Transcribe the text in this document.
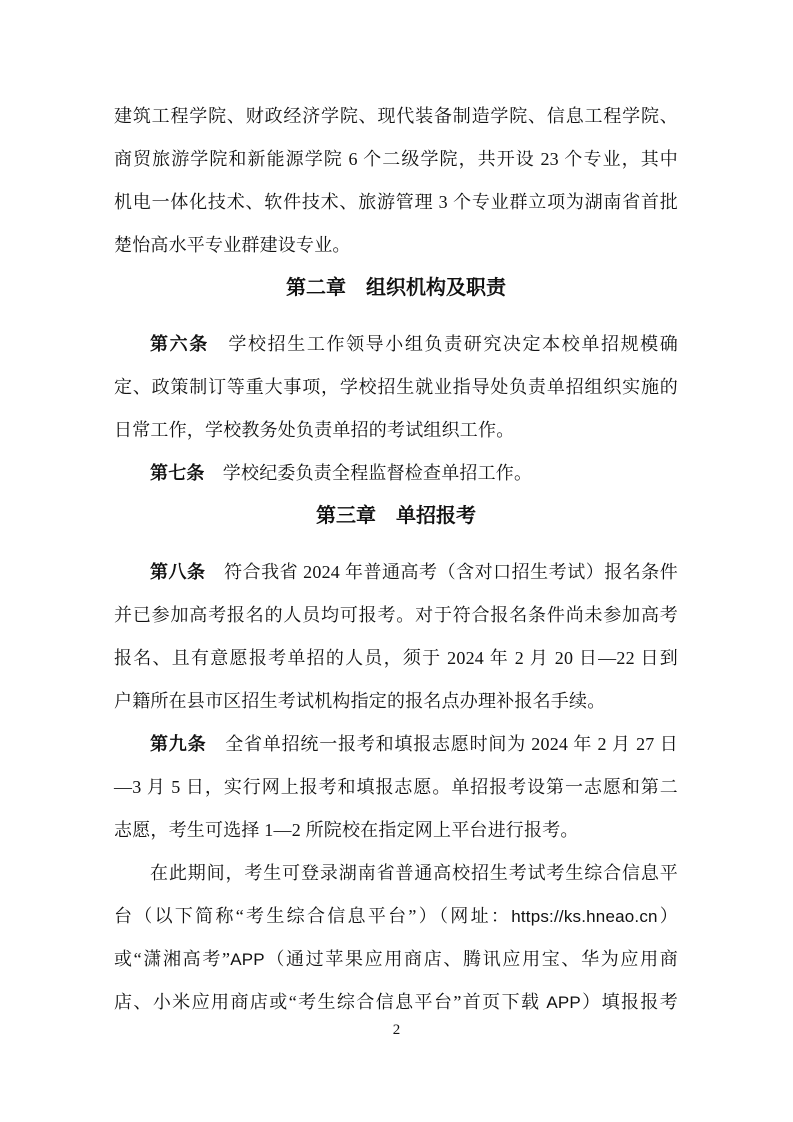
建筑工程学院、财政经济学院、现代装备制造学院、信息工程学院、
商贸旅游学院和新能源学院 6 个二级学院，共开设 23 个专业，其中
机电一体化技术、软件技术、旅游管理 3 个专业群立项为湖南省首批
楚怡高水平专业群建设专业。
第二章　组织机构及职责
第六条　学校招生工作领导小组负责研究决定本校单招规模确
定、政策制订等重大事项，学校招生就业指导处负责单招组织实施的
日常工作，学校教务处负责单招的考试组织工作。
第七条　学校纪委负责全程监督检查单招工作。
第三章　单招报考
第八条　符合我省 2024 年普通高考（含对口招生考试）报名条件
并已参加高考报名的人员均可报考。对于符合报名条件尚未参加高考
报名、且有意愿报考单招的人员，须于 2024 年 2 月 20 日—22 日到
户籍所在县市区招生考试机构指定的报名点办理补报名手续。
第九条　全省单招统一报考和填报志愿时间为 2024 年 2 月 27 日
—3 月 5 日，实行网上报考和填报志愿。单招报考设第一志愿和第二
志愿，考生可选择 1—2 所院校在指定网上平台进行报考。
在此期间，考生可登录湖南省普通高校招生考试考生综合信息平
台（以下简称“考生综合信息平台”）（网址：https://ks.hneao.cn）
或“潇湘高考”APP（通过苹果应用商店、腾讯应用宝、华为应用商
店、小米应用商店或“考生综合信息平台”首页下载 APP）填报报考
2
